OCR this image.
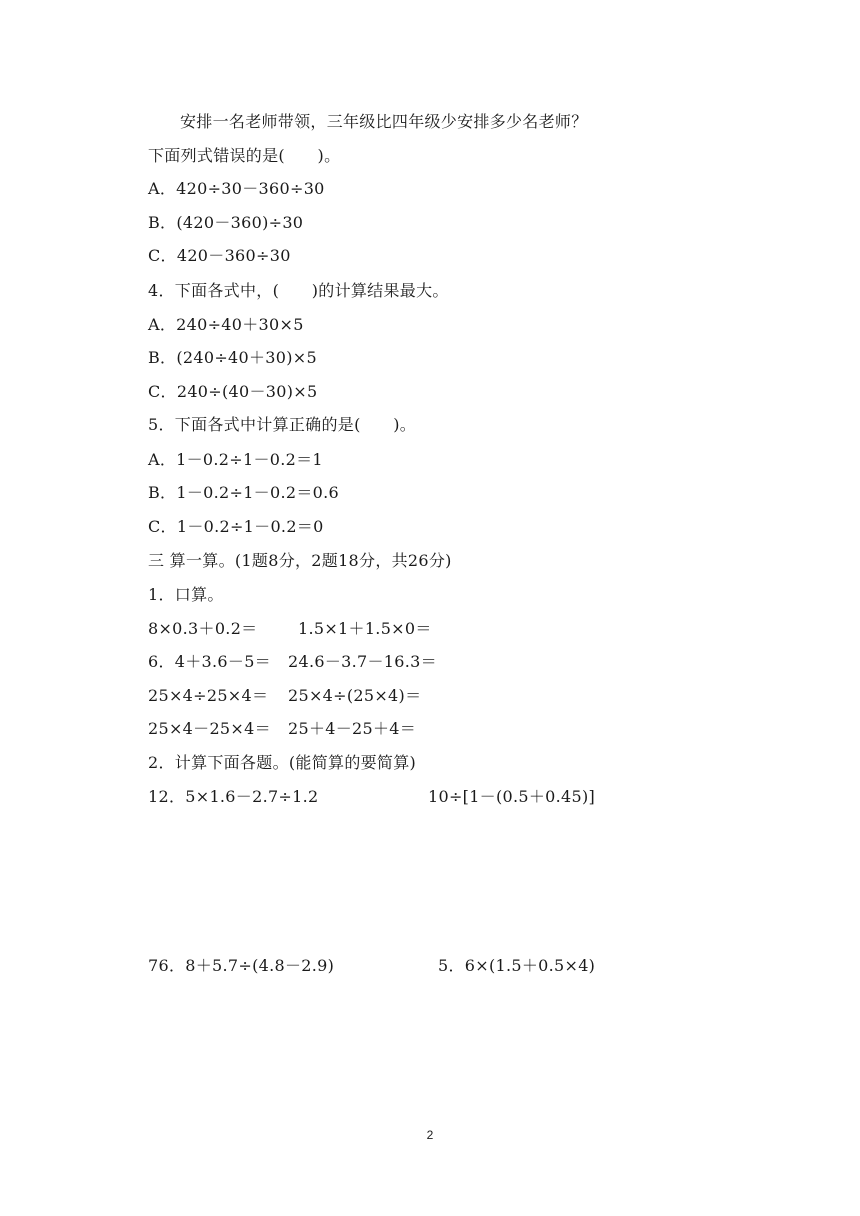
安排一名老师带领，三年级比四年级少安排多少名老师？
下面列式错误的是(　　)。
A．420÷30－360÷30
B．(420－360)÷30
C．420－360÷30
4．下面各式中，(　　)的计算结果最大。
A．240÷40＋30×5
B．(240÷40＋30)×5
C．240÷(40－30)×5
5．下面各式中计算正确的是(　　)。
A．1－0.2÷1－0.2＝1
B．1－0.2÷1－0.2＝0.6
C．1－0.2÷1－0.2＝0
三 算一算。(1题8分，2题18分，共26分)
1．口算。
8×0.3＋0.2＝	1.5×1＋1.5×0＝
6．4＋3.6－5＝ 24.6－3.7－16.3＝
25×4÷25×4＝ 25×4÷(25×4)＝
25×4－25×4＝ 25＋4－25＋4＝
2．计算下面各题。(能简算的要简算)
12．5×1.6－2.7÷1.2	10÷[1－(0.5＋0.45)]
76．8＋5.7÷(4.8－2.9)	5．6×(1.5＋0.5×4)
2
